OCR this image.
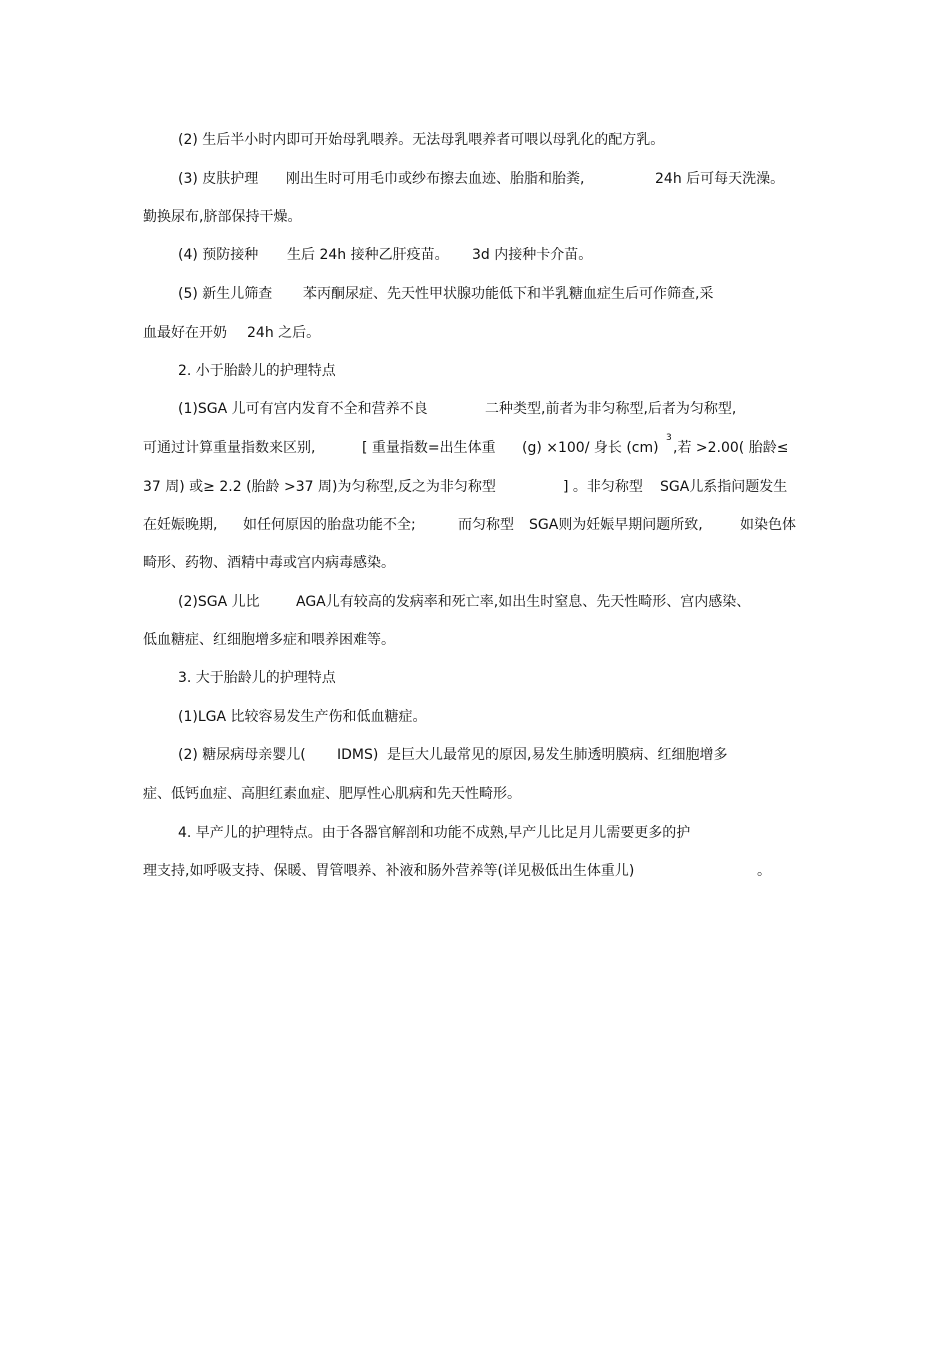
(2) 生后半小时内即可开始母乳喂养。无法母乳喂养者可喂以母乳化的配方乳。
(3) 皮肤护理 刚出生时可用毛巾或纱布擦去血迹、胎脂和胎粪,	24h 后可每天洗澡。
勤换尿布,脐部保持干燥。
(4) 预防接种 生后 24h 接种乙肝疫苗。 3d 内接种卡介苗。
(5) 新生儿筛查 苯丙酮尿症、先天性甲状腺功能低下和半乳糖血症生后可作筛查,采
血最好在开奶 24h 之后。
2. 小于胎龄儿的护理特点
(1)SGA 儿可有宫内发育不全和营养不良	二种类型,前者为非匀称型,后者为匀称型,
可通过计算重量指数来区别,	[ 重量指数=出生体重 (g) ×100/ 身长 (cm)
3
,若 >2.00( 胎龄≤
37 周) 或≥ 2.2 (胎龄 >37 周)为匀称型,反之为非匀称型	] 。非匀称型 SGA儿系指问题发生
在妊娠晚期, 如任何原因的胎盘功能不全;	而匀称型 SGA则为妊娠早期问题所致,	如染色体
畸形、药物、酒精中毒或宫内病毒感染。
(2)SGA 儿比	AGA儿有较高的发病率和死亡率,如出生时窒息、先天性畸形、宫内感染、
低血糖症、红细胞增多症和喂养困难等。
3. 大于胎龄儿的护理特点
(1)LGA 比较容易发生产伤和低血糖症。
(2) 糖尿病母亲婴儿( IDMS) 是巨大儿最常见的原因,易发生肺透明膜病、红细胞增多
症、低钙血症、高胆红素血症、肥厚性心肌病和先天性畸形。
4. 早产儿的护理特点。由于各器官解剖和功能不成熟,早产儿比足月儿需要更多的护
理支持,如呼吸支持、保暖、胃管喂养、补液和肠外营养等(详见极低出生体重儿)	。
